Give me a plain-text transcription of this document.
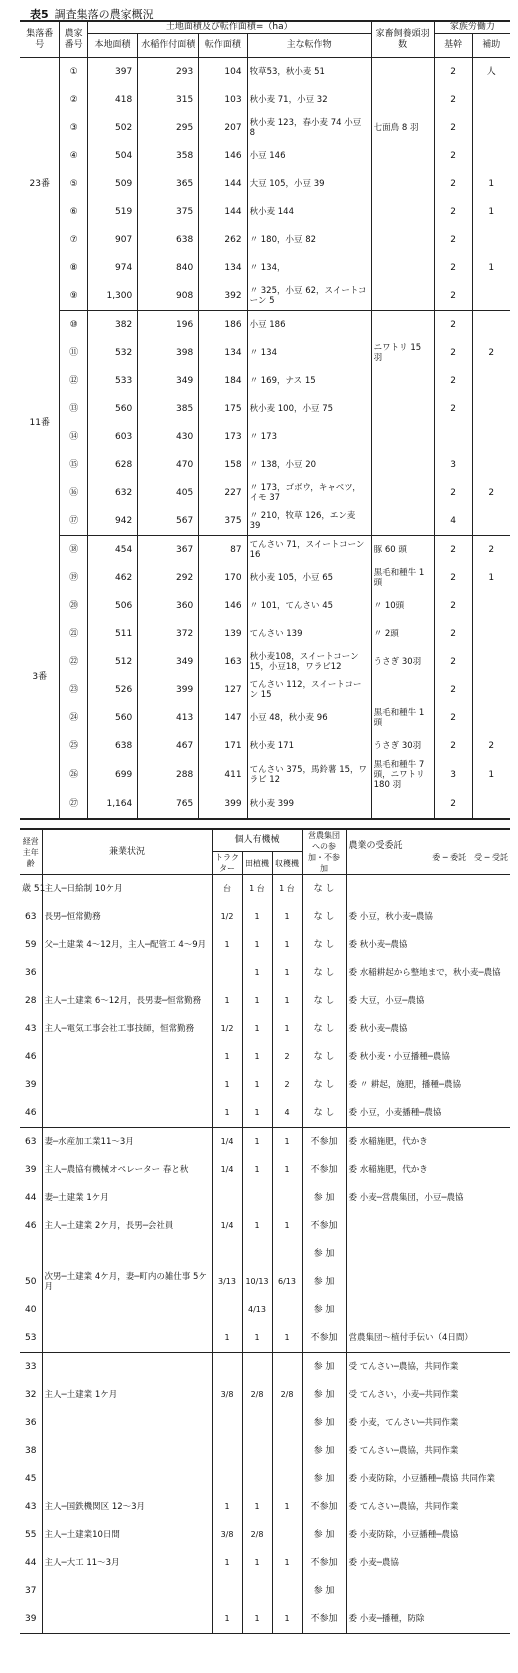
表5 調査集落の農家概況
集落番号	農家番号	土地面積及び転作面積=（ha）				家畜飼養頭羽数	家族労働力	
		本地面積	水稲作付面積	転作面積	主な転作物		基幹	補助
23番	①	397	293	104	牧草53，秋小麦 51		2	人
	②	418	315	103	秋小麦 71，小豆 32		2	
	③	502	295	207	秋小麦 123，春小麦 74 小豆 8	七面鳥 8 羽	2	
	④	504	358	146	小豆 146		2	
	⑤	509	365	144	大豆 105，小豆 39		2	1
	⑥	519	375	144	秋小麦 144		2	1
	⑦	907	638	262	〃 180，小豆 82		2	
	⑧	974	840	134	〃 134，		2	1
	⑨	1,300	908	392	〃 325，小豆 62，スイートコーン 5		2	
11番	⑩	382	196	186	小豆 186		2	
	⑪	532	398	134	〃 134	ニワトリ 15 羽	2	2
	⑫	533	349	184	〃 169，ナス 15		2	
	⑬	560	385	175	秋小麦 100，小豆 75		2	
	⑭	603	430	173	〃 173			
	⑮	628	470	158	〃 138，小豆 20		3	
	⑯	632	405	227	〃 173，ゴボウ，キャベツ，イモ 37		2	2
	⑰	942	567	375	〃 210，牧草 126，エン麦 39		4	
3番	⑱	454	367	87	てんさい 71，スイートコーン 16	豚 60 頭	2	2
	⑲	462	292	170	秋小麦 105，小豆 65	黒毛和種牛 1 頭	2	1
	⑳	506	360	146	〃 101，てんさい 45	〃 10頭	2	
	㉑	511	372	139	てんさい 139	〃 2頭	2	
	㉒	512	349	163	秋小麦108，スイートコーン15，小豆18，ワラビ12	うさぎ 30羽	2	
	㉓	526	399	127	てんさい 112，スイートコーン 15		2	
	㉔	560	413	147	小豆 48，秋小麦 96	黒毛和種牛 1 頭	2	
	㉕	638	467	171	秋小麦 171	うさぎ 30羽	2	2
	㉖	699	288	411	てんさい 375，馬鈴薯 15，ワラビ 12	黒毛和種牛 7頭，ニワトリ 180 羽	3	1
	㉗	1,164	765	399	秋小麦 399		2	
経営主年齢	兼業状況	個人有機械			営農集団への参加・不参加	農業の受委託
委 ─ 委託　 受 ─ 受託

		トラクター	田植機	収穫機		
歳 51	主人─日給制 10ケ月	台	1 台	1 台	な し	
63	長男─恒常勤務	1/2	1	1	な し	委 小豆，秋小麦─農協
59	父─土建業 4～12月，主人─配管工 4～9月	1	1	1	な し	委 秋小麦─農協
36			1	1	な し	委 水稲耕起から整地まで，秋小麦─農協
28	主人─土建業 6～12月，長男妻─恒常勤務	1	1	1	な し	委 大豆，小豆─農協
43	主人─電気工事会社工事技師，恒常勤務	1/2	1	1	な し	委 秋小麦─農協
46		1	1	2	な し	委 秋小麦・小豆播種─農協
39		1	1	2	な し	委 〃 耕起，施肥，播種─農協
46		1	1	4	な し	委 小豆，小麦播種─農協
63	妻─水産加工業11～3月	1/4	1	1	不参加	委 水稲施肥，代かき
39	主人─農協有機械オペレーター 春と秋	1/4	1	1	不参加	委 水稲施肥，代かき
44	妻─土建業 1ケ月				参 加	委 小麦─営農集団，小豆─農協
46	主人─土建業 2ケ月，長男─会社員	1/4	1	1	不参加	
					参 加	
50	次男─土建業 4ケ月，妻─町内の雑仕事 5ケ月	3/13	10/13	6/13	参 加	
40			4/13		参 加	
53		1	1	1	不参加	営農集団～植付手伝い（4日間）
33					参 加	受 てんさい─農協，共同作業
32	主人─土建業 1ケ月	3/8	2/8	2/8	参 加	受 てんさい，小麦─共同作業
36					参 加	委 小麦，てんさい─共同作業
38					参 加	委 てんさい─農協，共同作業
45					参 加	委 小麦防除，小豆播種─農協 共同作業
43	主人─国鉄機関区 12～3月	1	1	1	不参加	委 てんさい─農協，共同作業
55	主人─土建業10日間	3/8	2/8		参 加	委 小麦防除，小豆播種─農協
44	主人─大工 11～3月	1	1	1	不参加	委 小麦─農協
37					参 加	
39		1	1	1	不参加	委 小麦─播種，防除
